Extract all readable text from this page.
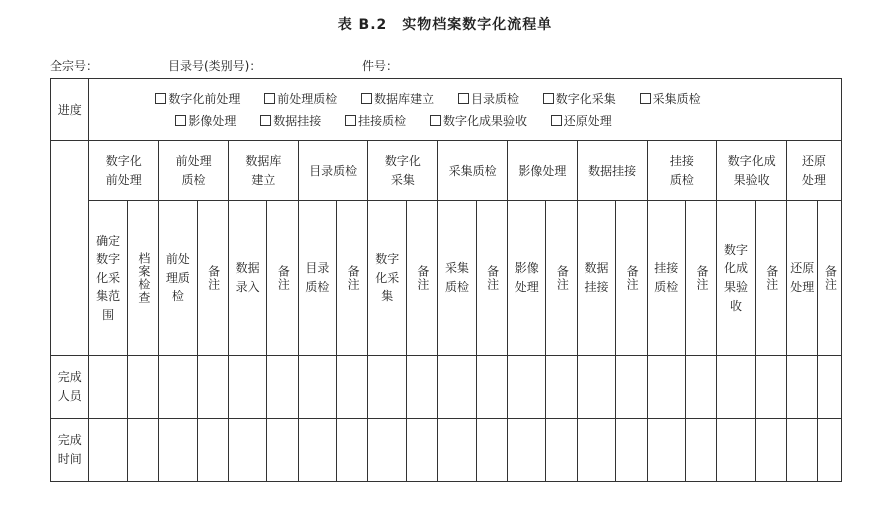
表 B.2　实物档案数字化流程单
全宗号：	目录号(类别号)：	件号：
进度	数字化前处理 前处理质检 数据库建立 目录质检 数字化采集 采集质检
影像处理 数据挂接 挂接质检 数字化成果验收 还原处理																					

	数字化前处理		前处理质检		数据库建立		目录质检		数字化采集		采集质检		影像处理		数据挂接		挂接质检		数字化成果验收		还原处理	

	确定数字化采集范围	档案检查	前处理质检	备注	数据录入	备注	目录质检	备注	数字化采集	备注	采集质检	备注	影像处理	备注	数据挂接	备注	挂接质检	备注	数字化成果验收	备注	还原处理	备注

完成人员																						

完成时间																						
